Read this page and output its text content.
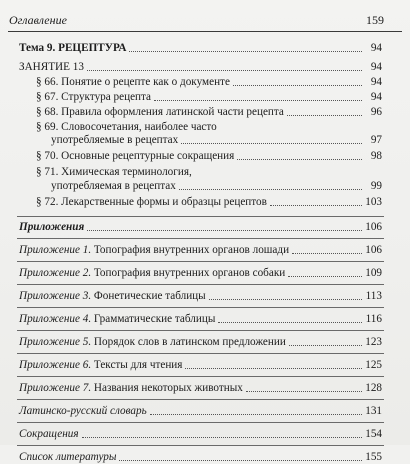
Оглавление	159
Тема 9. РЕЦЕПТУРА	94
ЗАНЯТИЕ 13	94
§ 66. Понятие о рецепте как о документе	94
§ 67. Структура рецепта	94
§ 68. Правила оформления латинской части рецепта	96
§ 69. Словосочетания, наиболее часто
употребляемые в рецептах	97
§ 70. Основные рецептурные сокращения	98
§ 71. Химическая терминология,
употребляемая в рецептах	99
§ 72. Лекарственные формы и образцы рецептов	103
Приложения	106
Приложение 1. Топография внутренних органов лошади	106
Приложение 2. Топография внутренних органов собаки	109
Приложение 3. Фонетические таблицы	113
Приложение 4. Грамматические таблицы	116
Приложение 5. Порядок слов в латинском предложении	123
Приложение 6. Тексты для чтения	125
Приложение 7. Названия некоторых животных	128
Латинско-русский словарь	131
Сокращения	154
Список литературы	155
